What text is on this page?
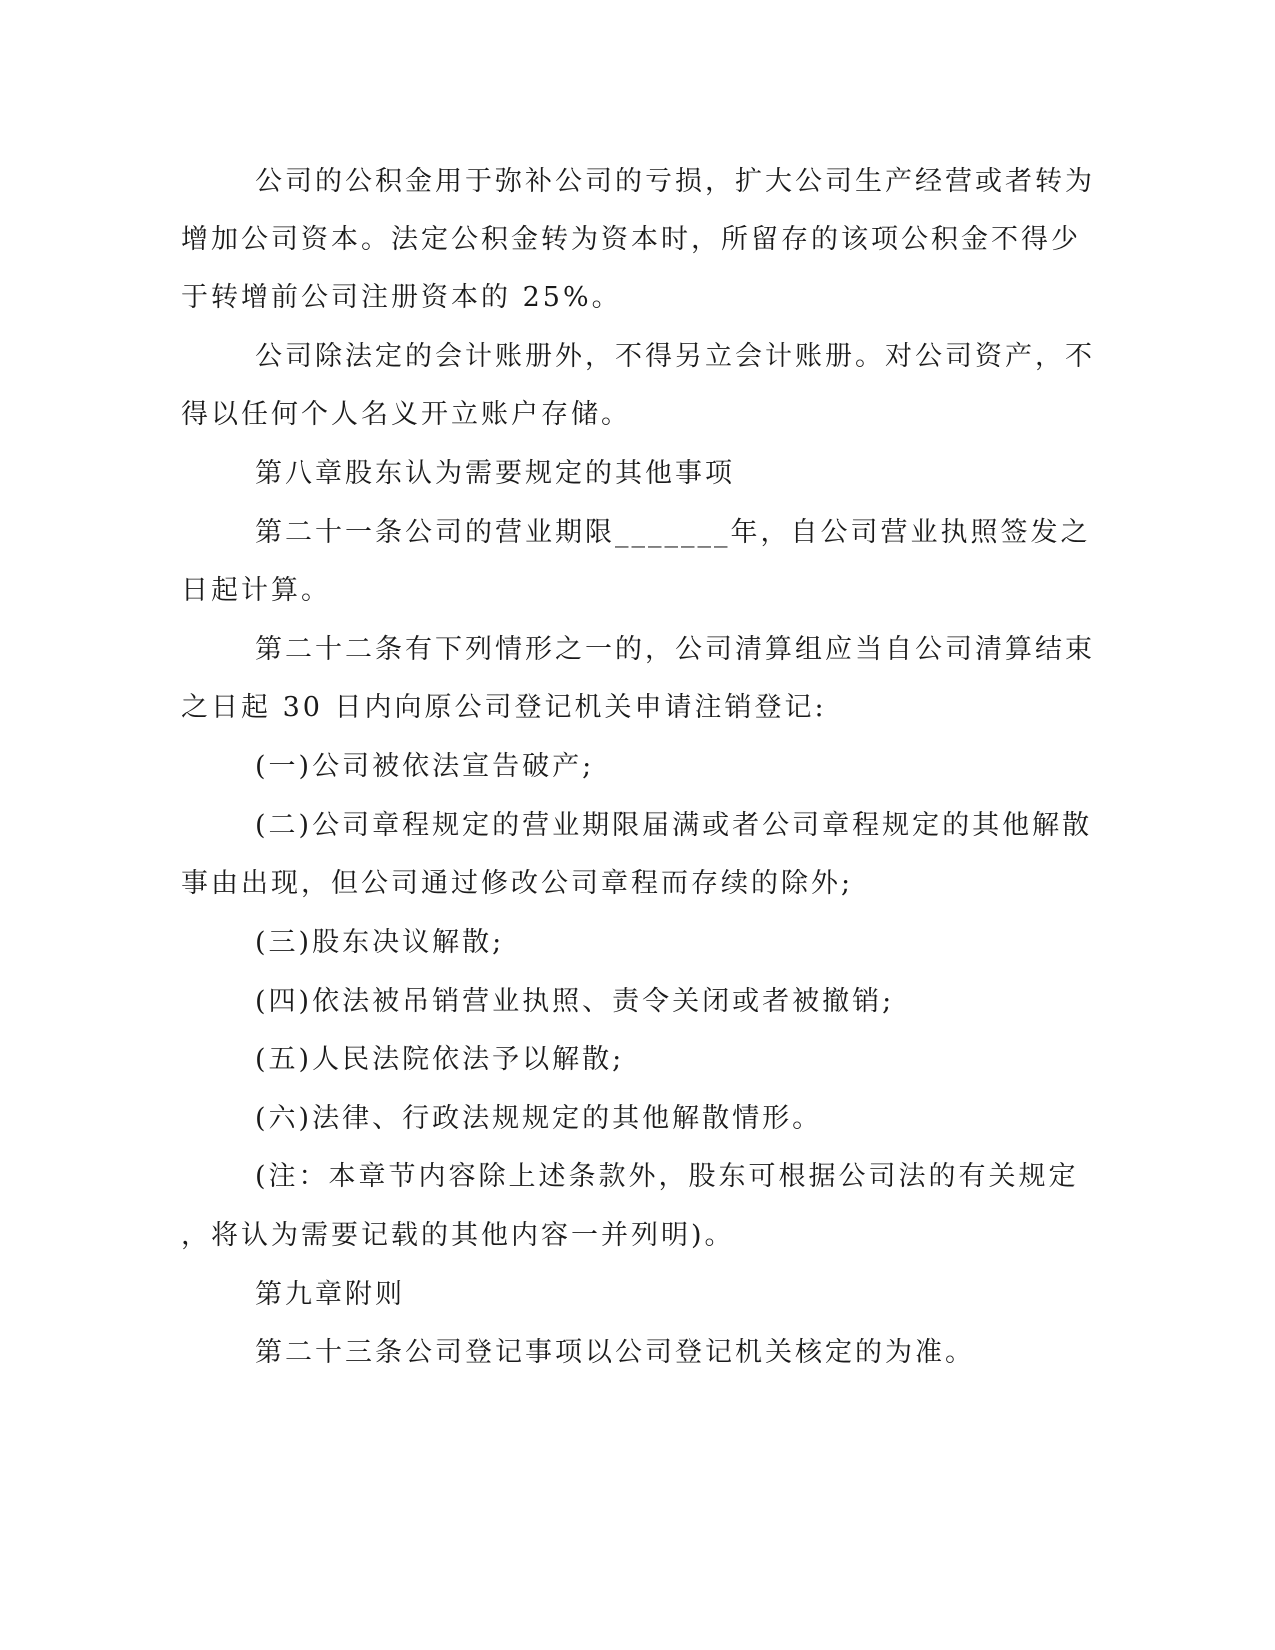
公司的公积金用于弥补公司的亏损，扩大公司生产经营或者转为

增加公司资本。法定公积金转为资本时，所留存的该项公积金不得少

于转增前公司注册资本的 25%。

公司除法定的会计账册外，不得另立会计账册。对公司资产，不

得以任何个人名义开立账户存储。

第八章股东认为需要规定的其他事项

第二十一条公司的营业期限_______年，自公司营业执照签发之

日起计算。

第二十二条有下列情形之一的，公司清算组应当自公司清算结束

之日起 30 日内向原公司登记机关申请注销登记:

(一)公司被依法宣告破产;

(二)公司章程规定的营业期限届满或者公司章程规定的其他解散

事由出现，但公司通过修改公司章程而存续的除外;

(三)股东决议解散;

(四)依法被吊销营业执照、责令关闭或者被撤销;

(五)人民法院依法予以解散;

(六)法律、行政法规规定的其他解散情形。

(注：本章节内容除上述条款外，股东可根据公司法的有关规定

，将认为需要记载的其他内容一并列明)。

第九章附则

第二十三条公司登记事项以公司登记机关核定的为准。
